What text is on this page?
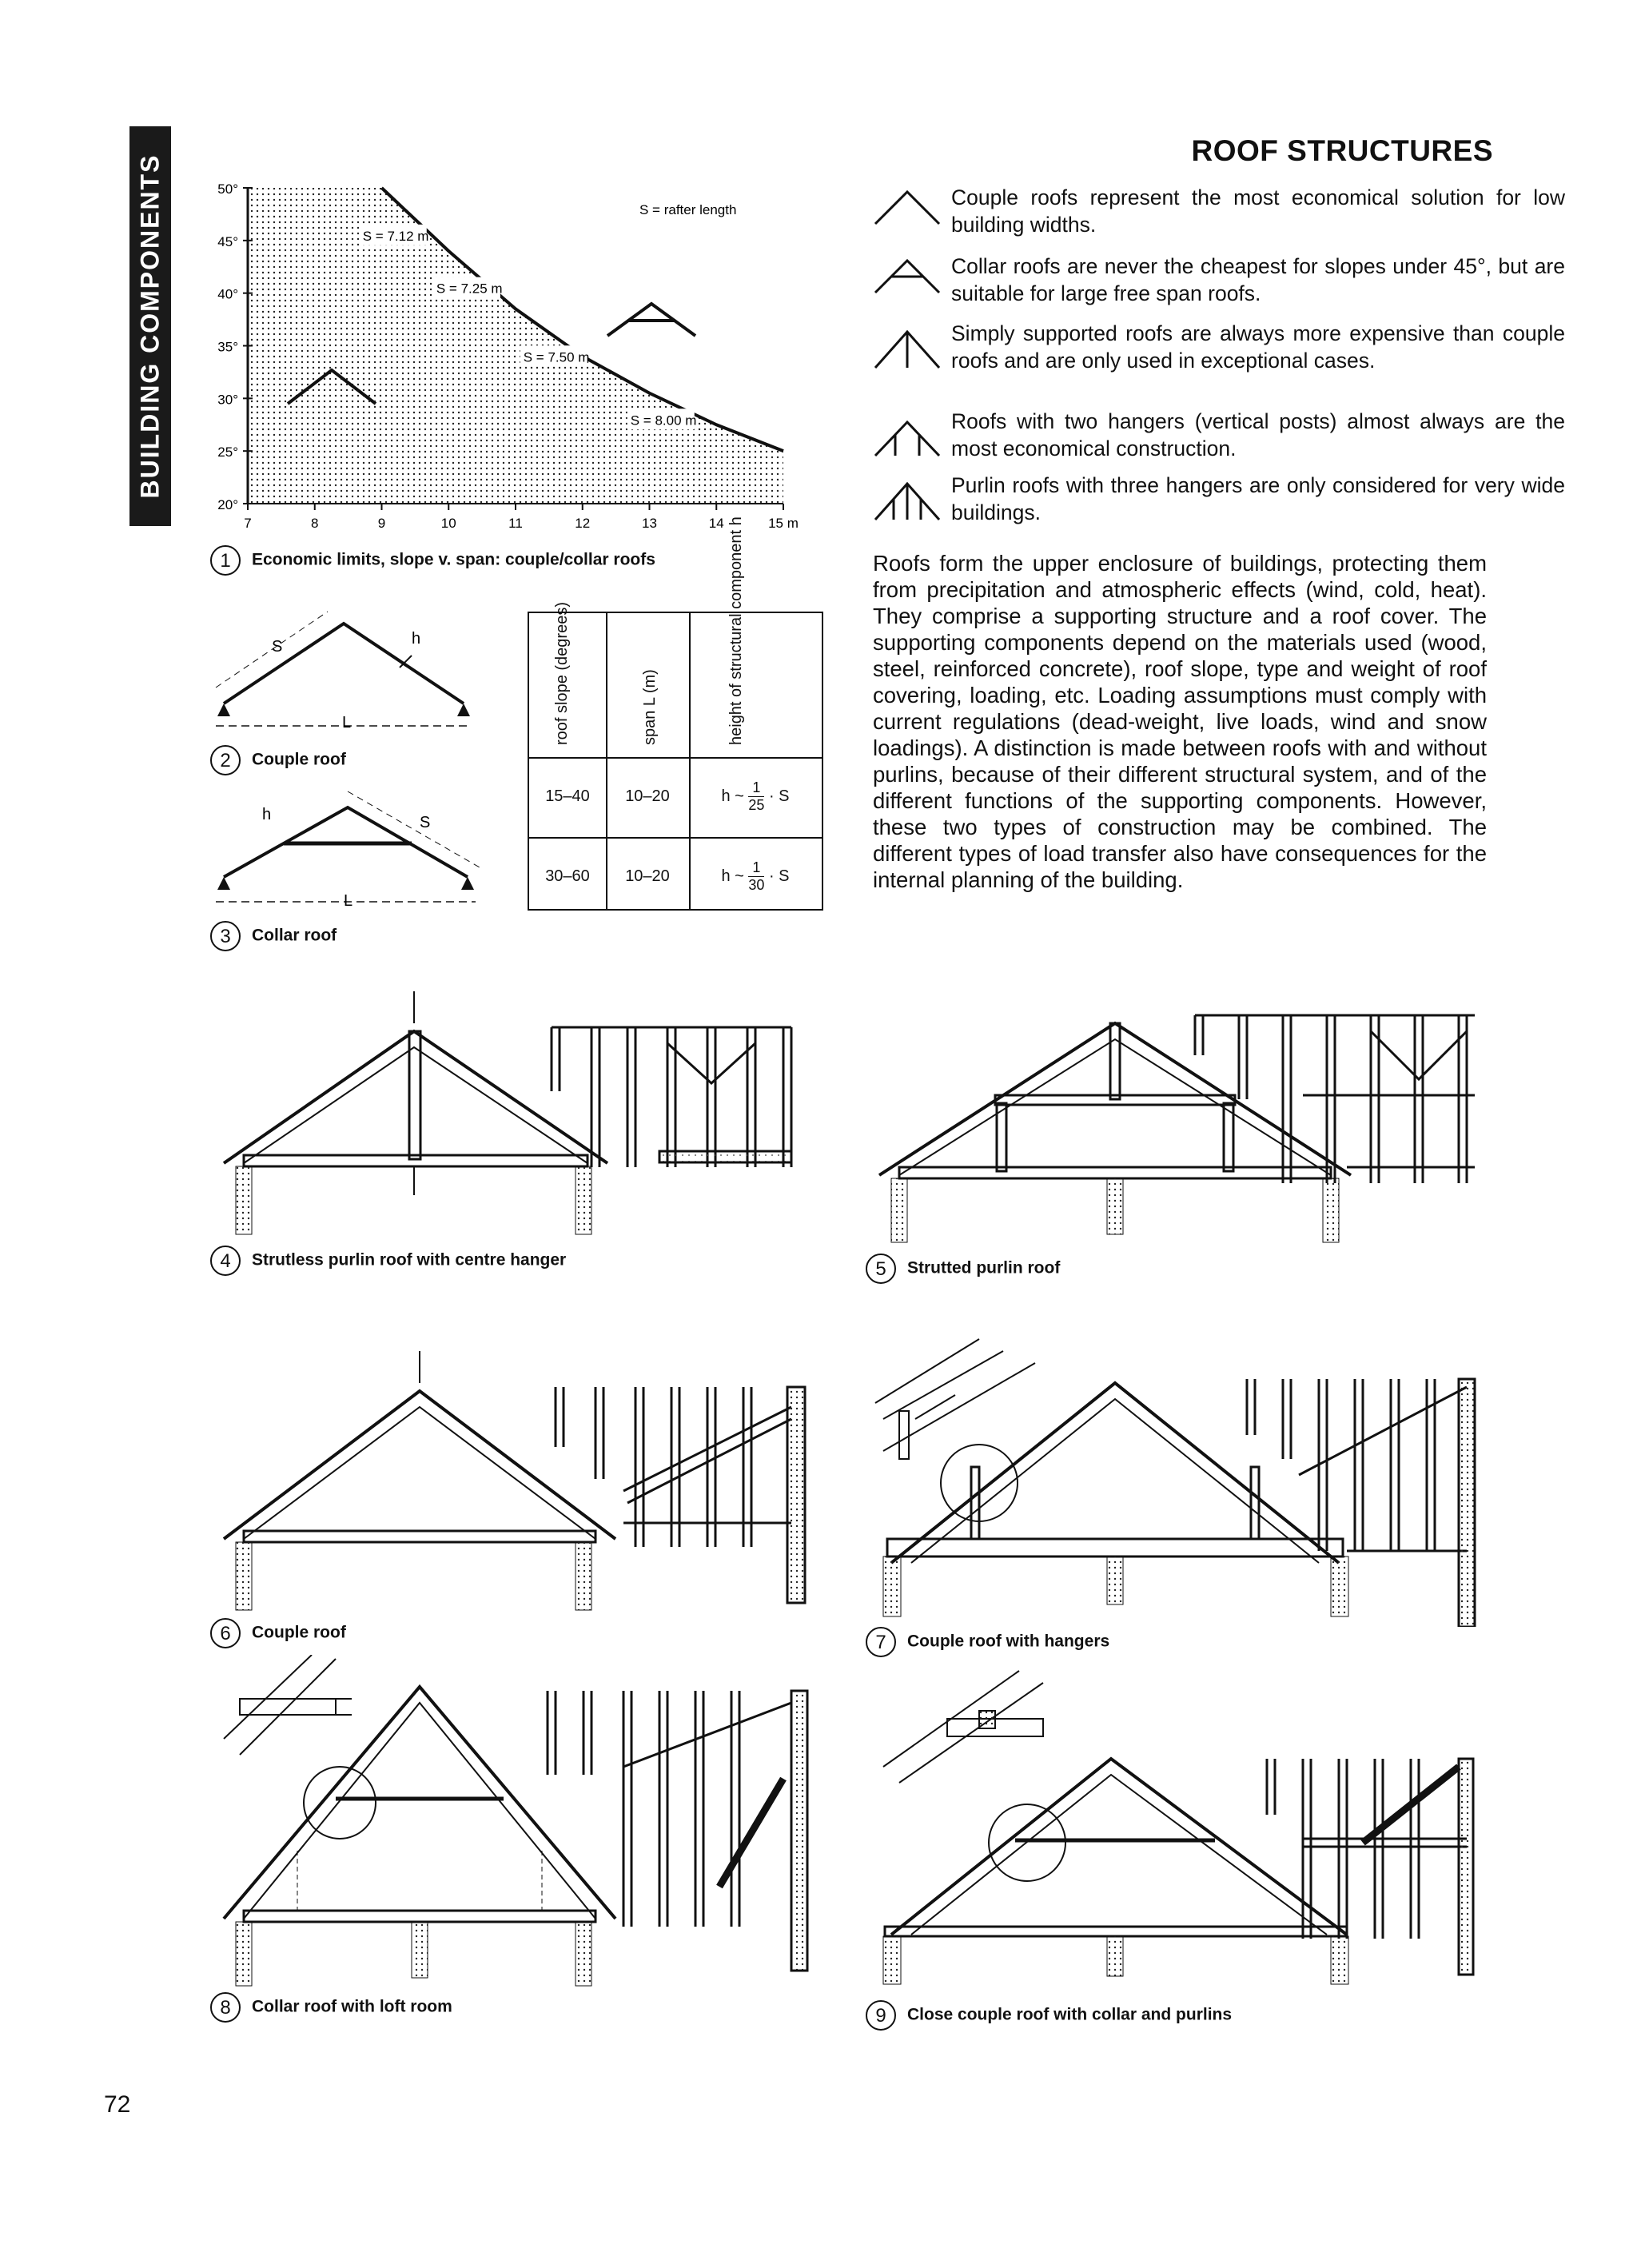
BUILDING COMPONENTS
ROOF STRUCTURES
Couple roofs represent the most economical solution for low building widths.
Collar roofs are never the cheapest for slopes under 45°, but are suitable for large free span roofs.
Simply supported roofs are always more expensive than couple roofs and are only used in exceptional cases.
Roofs with two hangers (vertical posts) almost always are the most economical construction.
Purlin roofs with three hangers are only considered for very wide buildings.
Roofs form the upper enclosure of buildings, protecting them from precipitation and atmospheric effects (wind, cold, heat). They comprise a supporting structure and a roof cover. The supporting components depend on the materials used (wood, steel, reinforced concrete), roof slope, type and weight of roof covering, loading, etc. Loading assumptions must comply with current regulations (dead-weight, live loads, wind and snow loadings). A distinction is made between roofs with and without purlins, because of their different structural system, and of the different functions of the supporting components. However, these two types of construction may be combined. The different types of load transfer also have consequences for the internal planning of the building.
50°
45°
40°
35°
30°
25°
20°
7	8	9	10	11	12	13	14	15 m
S = rafter length
S = 7.12 m
S = 7.25 m
S = 7.50 m
S = 8.00 m
1 Economic limits, slope v. span: couple/collar roofs
S	h
L
2 Couple roof
S
h
L
3 Collar roof
roof slope (degrees)	span L (m)	height of structural component h
15–40	10–20	h ~ $\frac{1}{25} \cdot S$
30–60	10–20	h ~ $\frac{1}{30} \cdot S$
4 Strutless purlin roof with centre hanger	5 Strutted purlin roof
6 Couple roof	7 Couple roof with hangers
8 Collar roof with loft room	9 Close couple roof with collar and purlins
72
